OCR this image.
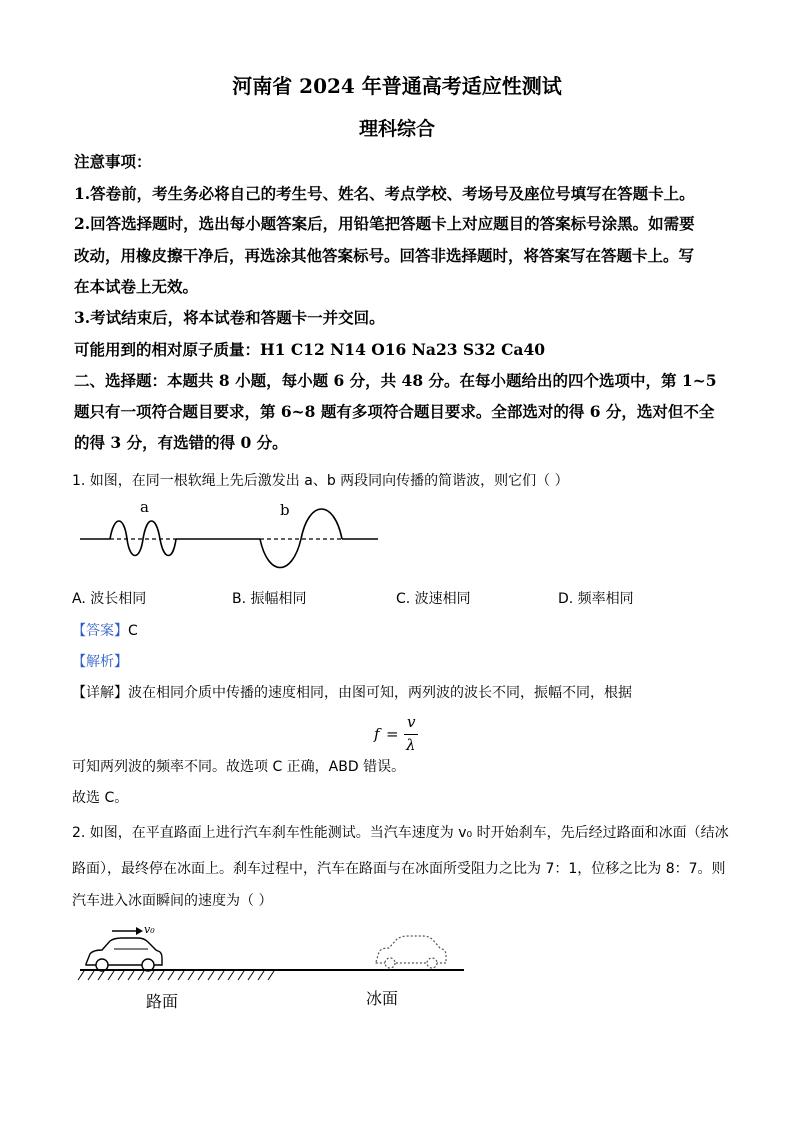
河南省 2024 年普通高考适应性测试
理科综合
注意事项：
1.答卷前，考生务必将自己的考生号、姓名、考点学校、考场号及座位号填写在答题卡上。
2.回答选择题时，选出每小题答案后，用铅笔把答题卡上对应题目的答案标号涂黑。如需要
改动，用橡皮擦干净后，再选涂其他答案标号。回答非选择题时，将答案写在答题卡上。写
在本试卷上无效。
3.考试结束后，将本试卷和答题卡一并交回。
可能用到的相对原子质量：H1 C12 N14 O16 Na23 S32 Ca40
二、选择题：本题共 8 小题，每小题 6 分，共 48 分。在每小题给出的四个选项中，第 1~5
题只有一项符合题目要求，第 6~8 题有多项符合题目要求。全部选对的得 6 分，选对但不全
的得 3 分，有选错的得 0 分。
1. 如图，在同一根软绳上先后激发出 a、b 两段同向传播的简谐波，则它们（ ）
a	b
A. 波长相同	B. 振幅相同	C. 波速相同	D. 频率相同
【答案】C
【解析】
【详解】波在相同介质中传播的速度相同，由图可知，两列波的波长不同，振幅不同，根据
f =
v
λ
可知两列波的频率不同。故选项 C 正确，ABD 错误。
故选 C。
2. 如图，在平直路面上进行汽车刹车性能测试。当汽车速度为 v₀ 时开始刹车，先后经过路面和冰面（结冰
路面），最终停在冰面上。刹车过程中，汽车在路面与在冰面所受阻力之比为 7：1，位移之比为 8：7。则
汽车进入冰面瞬间的速度为（ ）
v₀
路面	冰面
